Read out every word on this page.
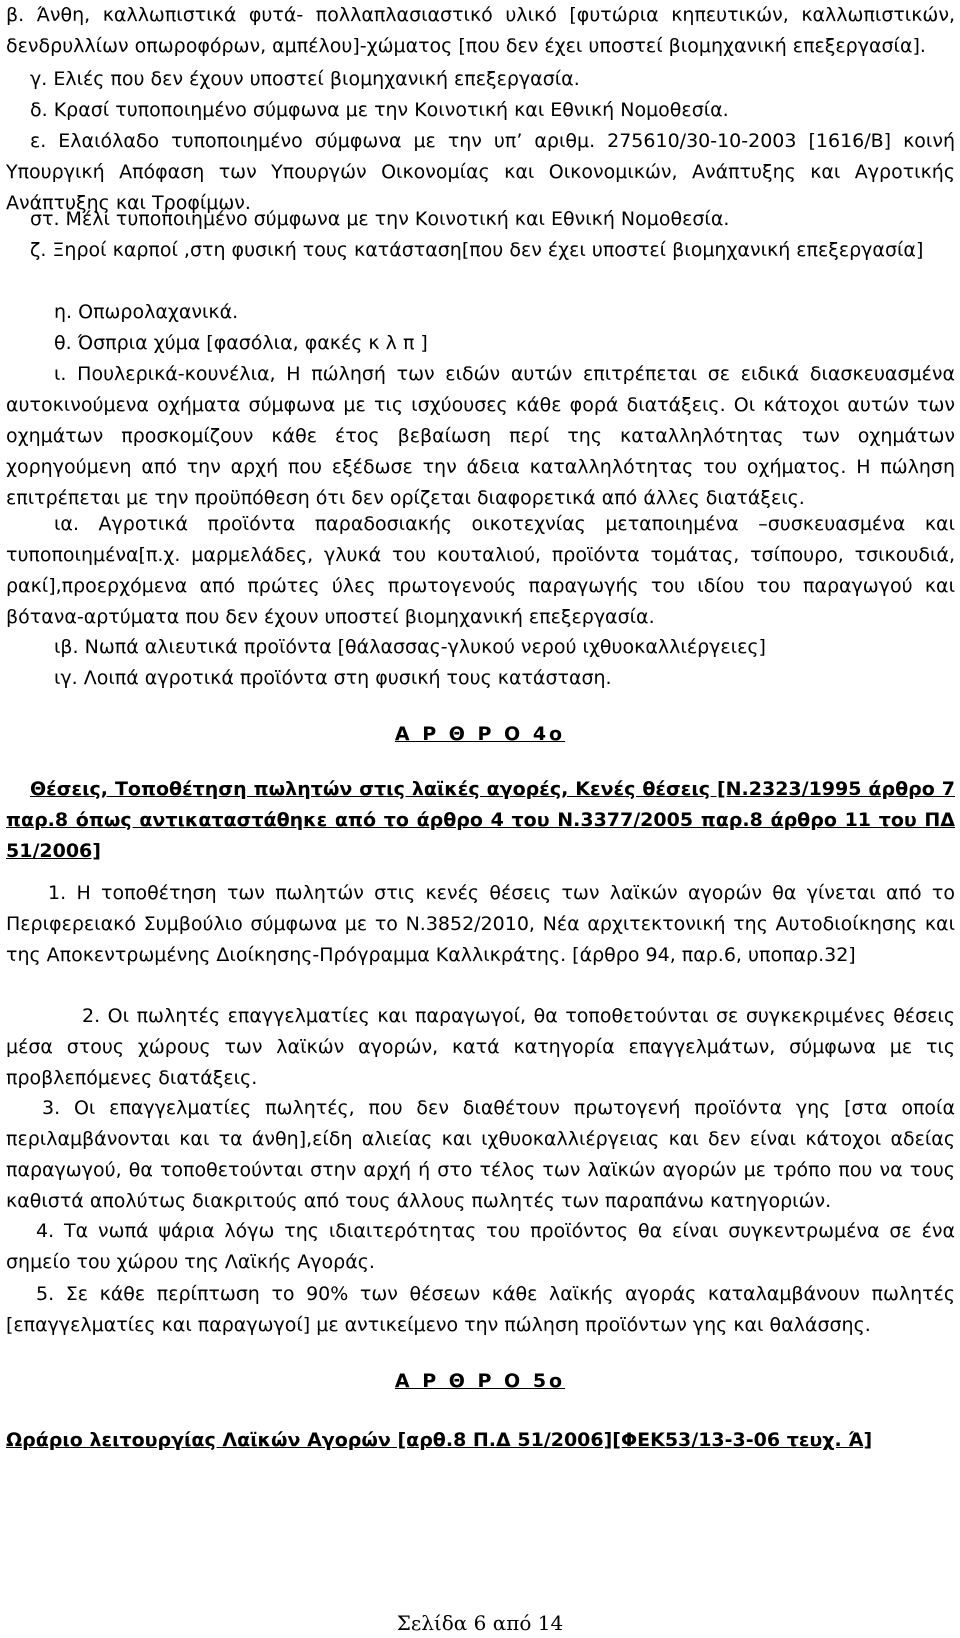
β. Άνθη, καλλωπιστικά φυτά- πολλαπλασιαστικό υλικό [φυτώρια κηπευτικών, καλλωπιστικών, δενδρυλλίων οπωροφόρων, αμπέλου]-χώματος [που δεν έχει υποστεί βιομηχανική επεξεργασία].

γ. Ελιές που δεν έχουν υποστεί βιομηχανική επεξεργασία.

δ. Κρασί τυποποιημένο σύμφωνα με την Κοινοτική και Εθνική Νομοθεσία.

ε. Ελαιόλαδο τυποποιημένο σύμφωνα με την υπ’ αριθμ. 275610/30-10-2003 [1616/Β] κοινή Υπουργική Απόφαση των Υπουργών Οικονομίας και Οικονομικών, Ανάπτυξης και Αγροτικής Ανάπτυξης και Τροφίμων.

στ. Μέλι τυποποιημένο σύμφωνα με την Κοινοτική και Εθνική Νομοθεσία.

ζ. Ξηροί καρποί ,στη φυσική τους κατάσταση[που δεν έχει υποστεί βιομηχανική επεξεργασία]

η. Οπωρολαχανικά.

θ. Όσπρια χύμα [φασόλια, φακές κ λ π ]

ι. Πουλερικά-κουνέλια, Η πώλησή των ειδών αυτών επιτρέπεται σε ειδικά διασκευασμένα αυτοκινούμενα οχήματα σύμφωνα με τις ισχύουσες κάθε φορά διατάξεις. Οι κάτοχοι αυτών των οχημάτων προσκομίζουν κάθε έτος βεβαίωση περί της καταλληλότητας των οχημάτων χορηγούμενη από την αρχή που εξέδωσε την άδεια καταλληλότητας του οχήματος. Η πώληση επιτρέπεται με την προϋπόθεση ότι δεν ορίζεται διαφορετικά από άλλες διατάξεις.

ια. Αγροτικά προϊόντα παραδοσιακής οικοτεχνίας μεταποιημένα –συσκευασμένα και τυποποιημένα[π.χ. μαρμελάδες, γλυκά του κουταλιού, προϊόντα τομάτας, τσίπουρο, τσικουδιά, ρακί],προερχόμενα από πρώτες ύλες πρωτογενούς παραγωγής του ιδίου του παραγωγού και βότανα-αρτύματα που δεν έχουν υποστεί βιομηχανική επεξεργασία.

ιβ. Νωπά αλιευτικά προϊόντα [θάλασσας-γλυκού νερού ιχθυοκαλλιέργειες]

ιγ. Λοιπά αγροτικά προϊόντα στη φυσική τους κατάσταση.

Α Ρ Θ Ρ Ο 4ο

Θέσεις, Τοποθέτηση πωλητών στις λαϊκές αγορές, Κενές θέσεις [Ν.2323/1995 άρθρο 7 παρ.8 όπως αντικαταστάθηκε από το άρθρο 4 του Ν.3377/2005 παρ.8 άρθρο 11 του ΠΔ 51/2006]

1. Η τοποθέτηση των πωλητών στις κενές θέσεις των λαϊκών αγορών θα γίνεται από το Περιφερειακό Συμβούλιο σύμφωνα με το Ν.3852/2010, Νέα αρχιτεκτονική της Αυτοδιοίκησης και της Αποκεντρωμένης Διοίκησης-Πρόγραμμα Καλλικράτης. [άρθρο 94, παρ.6, υποπαρ.32]

2. Οι πωλητές επαγγελματίες και παραγωγοί, θα τοποθετούνται σε συγκεκριμένες θέσεις μέσα στους χώρους των λαϊκών αγορών, κατά κατηγορία επαγγελμάτων, σύμφωνα με τις προβλεπόμενες διατάξεις.

3. Οι επαγγελματίες πωλητές, που δεν διαθέτουν πρωτογενή προϊόντα γης [στα οποία περιλαμβάνονται και τα άνθη],είδη αλιείας και ιχθυοκαλλιέργειας και δεν είναι κάτοχοι αδείας παραγωγού, θα τοποθετούνται στην αρχή ή στο τέλος των λαϊκών αγορών με τρόπο που να τους καθιστά απολύτως διακριτούς από τους άλλους πωλητές των παραπάνω κατηγοριών.

4. Τα νωπά ψάρια λόγω της ιδιαιτερότητας του προϊόντος θα είναι συγκεντρωμένα σε ένα σημείο του χώρου της Λαϊκής Αγοράς.

5. Σε κάθε περίπτωση το 90% των θέσεων κάθε λαϊκής αγοράς καταλαμβάνουν πωλητές [επαγγελματίες και παραγωγοί] με αντικείμενο την πώληση προϊόντων γης και θαλάσσης.

Α Ρ Θ Ρ Ο 5ο

Ωράριο λειτουργίας Λαϊκών Αγορών [αρθ.8 Π.Δ 51/2006][ΦΕΚ53/13-3-06 τευχ. Ά]

Σελίδα 6 από 14
